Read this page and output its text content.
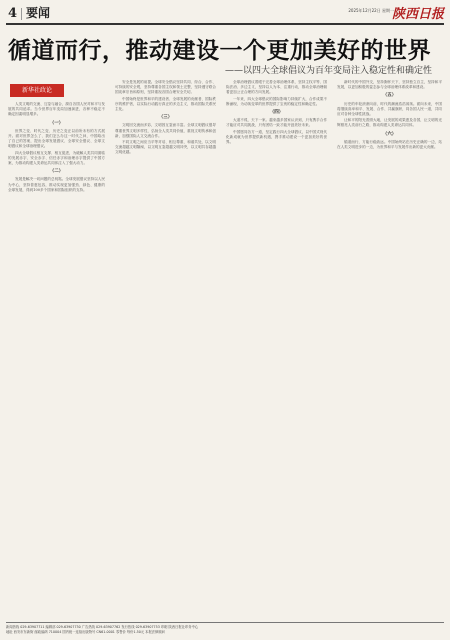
4 要闻	2025年12月22日 星期一
陕西日报
循道而行，推动建设一个更加美好的世界
——以四大全球倡议为百年变局注入稳定性和确定性
新华社政论

人类文明的交流、互鉴与融合，源自各国人民对和平与发展的共同追求。当今世界百年变局加速演进，各种不稳定不确定因素明显增多。

（一）

世界之变、时代之变、历史之变正以前所未有的方式展开。面对世界怎么了、我们怎么办这一时代之问，中国给出了自己的答案，提出全球发展倡议、全球安全倡议、全球文明倡议和全球治理倡议。

四大全球倡议相互支撑、相互促进，为破解人类共同面临的发展赤字、安全赤字、信任赤字和治理赤字提供了中国方案，为推动构建人类命运共同体注入了强大动力。

（二）

发展是解决一切问题的总钥匙。全球发展倡议坚持以人民为中心，坚持普惠包容，推动实现更加强劲、绿色、健康的全球发展，得到100多个国家和国际组织的支持。

安全是发展的前提。全球安全倡议坚持共同、综合、合作、可持续的安全观，坚持尊重各国主权和领土完整，坚持遵守联合国宪章宗旨和原则，坚持重视各国合理安全关切。

中国始终是世界和平的建设者、全球发展的贡献者、国际秩序的维护者，以实际行动践行真正的多边主义，推动国际关系民主化。

（三）

文明因交流而多彩，文明因互鉴而丰富。全球文明倡议倡导尊重世界文明多样性，弘扬全人类共同价值，重视文明传承和创新，加强国际人文交流合作。

不同文明之间应当平等对话、相互尊重、和谐共处，以文明交流超越文明隔阂，以文明互鉴超越文明冲突，以文明共存超越文明优越。

全球治理倡议着眼于完善全球治理体系，坚持主权平等、国际法治、多边主义，坚持以人为本、注重行动，推动全球治理朝着更加公正合理的方向发展。

一年来，四大全球倡议的国际影响力持续扩大，合作成果不断涌现，为动荡变革的世界提供了宝贵的稳定性和确定性。

（四）

大道不孤，天下一家。越来越多国家认识到，只有携手合作才能应对共同挑战，只有团结一致才能开创美好未来。

中国愿同各方一道，坚定践行四大全球倡议，以中国式现代化新成就为世界提供新机遇，携手推动建设一个更加美好的世界。

新时代的中国外交，坚持胸怀天下，坚持独立自主，坚持和平发展，以更加积极的姿态参与全球治理体系改革和建设。

（五）

历史的车轮滚滚向前，时代的潮流浩浩荡荡。面向未来，中国将继续高举和平、发展、合作、共赢旗帜，同各国人民一道，共同应对各种全球性挑战。

让和平的阳光普照大地，让发展的成果惠及各国，让文明的光辉照亮人类前行之路，推动构建人类命运共同体。

（六）

循道而行，方能行稳致远。中国始终站在历史正确的一边，站在人类文明进步的一边，为世界和平与发展作出新的更大贡献。

新闻热线 029-63907711 编辑部 029-63907730 广告热线 029-63907762 发行热线 029-63907753 印刷 陕西日报社印务中心
地址 西安市东新街 邮政编码 710004 国内统一连续出版物号 CN61-0001 零售价 每份1.50元 本报法律顾问
